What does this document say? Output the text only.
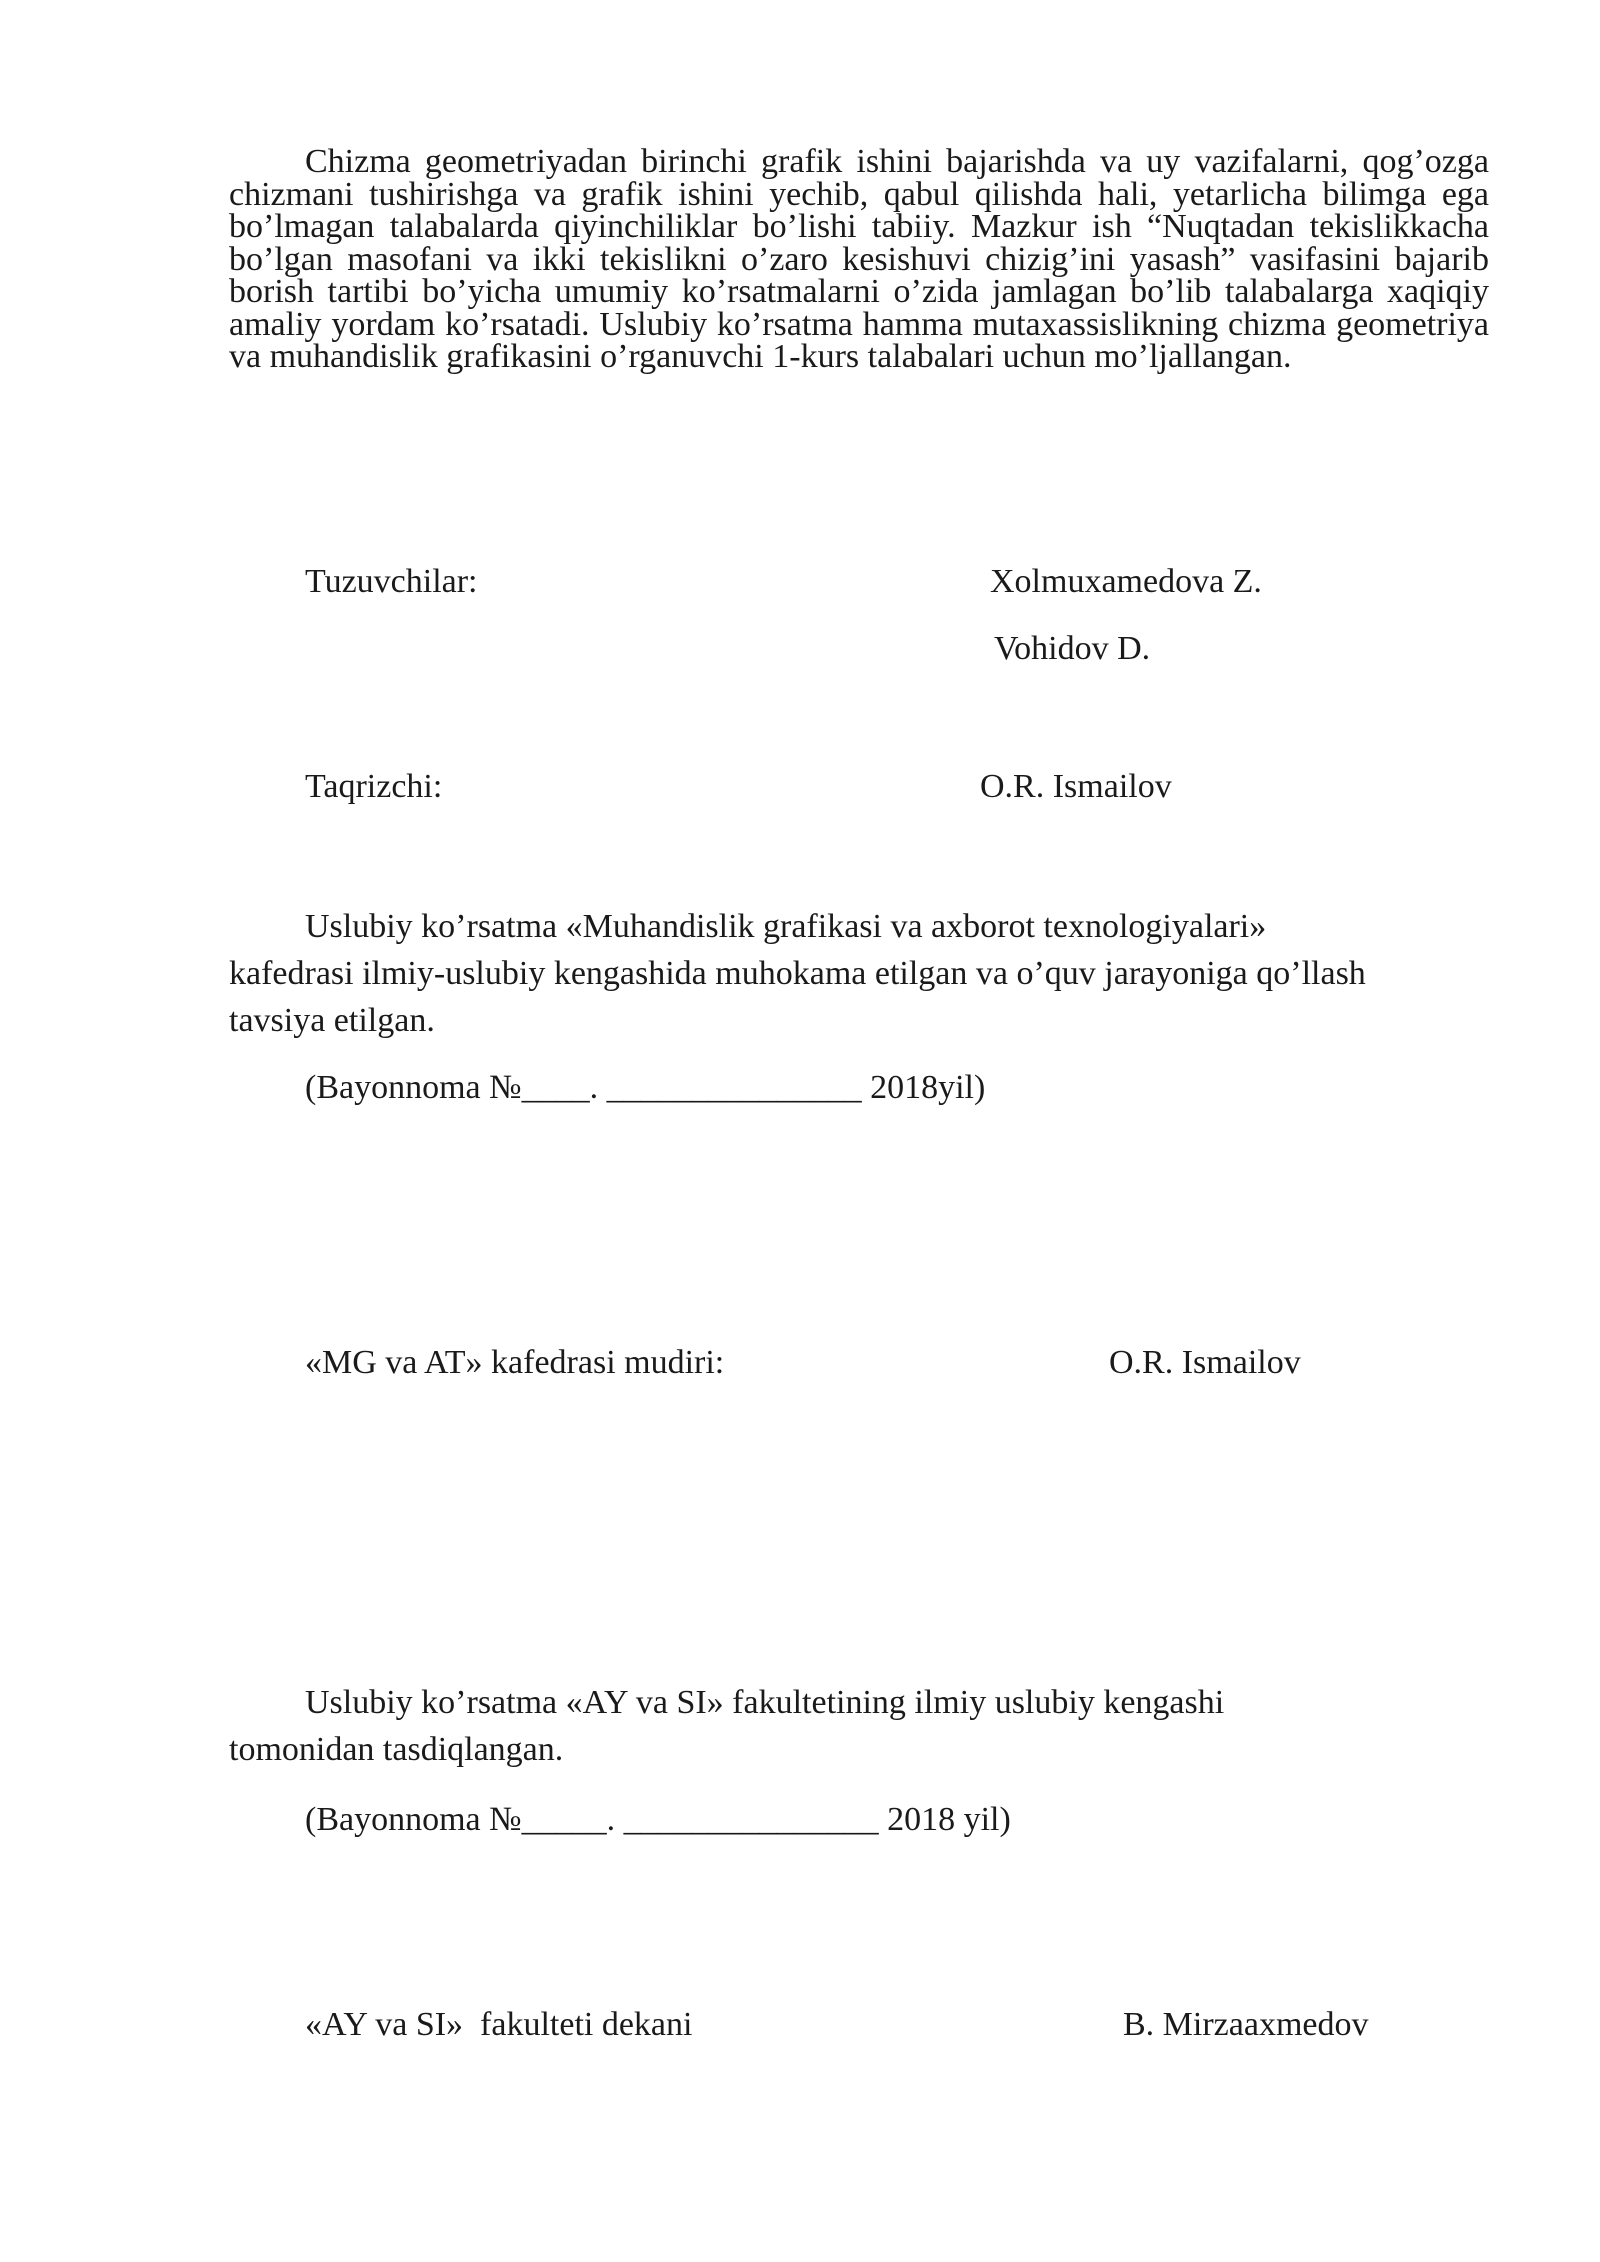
Chizma geometriyadan birinchi grafik ishini bajarishda va uy vazifalarni, qog’ozga chizmani tushirishga va grafik ishini yechib, qabul qilishda hali, yetarlicha bilimga ega bo’lmagan talabalarda qiyinchiliklar bo’lishi tabiiy. Mazkur ish “Nuqtadan tekislikkacha bo’lgan masofani va ikki tekislikni o’zaro kesishuvi chizig’ini yasash” vasifasini bajarib borish tartibi bo’yicha umumiy ko’rsatmalarni o’zida jamlagan bo’lib talabalarga xaqiqiy amaliy yordam ko’rsatadi. Uslubiy ko’rsatma hamma mutaxassislikning chizma geometriya va muhandislik grafikasini o’rganuvchi 1-kurs talabalari uchun mo’ljallangan.

Tuzuvchilar:	Xolmuxamedova Z.
Vohidov D.
Taqrizchi:	O.R. Ismailov

Uslubiy ko’rsatma «Muhandislik grafikasi va axborot texnologiyalari» kafedrasi ilmiy-uslubiy kengashida muhokama etilgan va o’quv jarayoniga qo’llash tavsiya etilgan.

(Bayonnoma №____. _______________ 2018yil)
«MG va AT» kafedrasi mudiri:	O.R. Ismailov

Uslubiy ko’rsatma «AY va SI» fakultetining ilmiy uslubiy kengashi tomonidan tasdiqlangan.

(Bayonnoma №_____. _______________ 2018 yil)
«AY va SI»  fakulteti dekani	B. Mirzaaxmedov
